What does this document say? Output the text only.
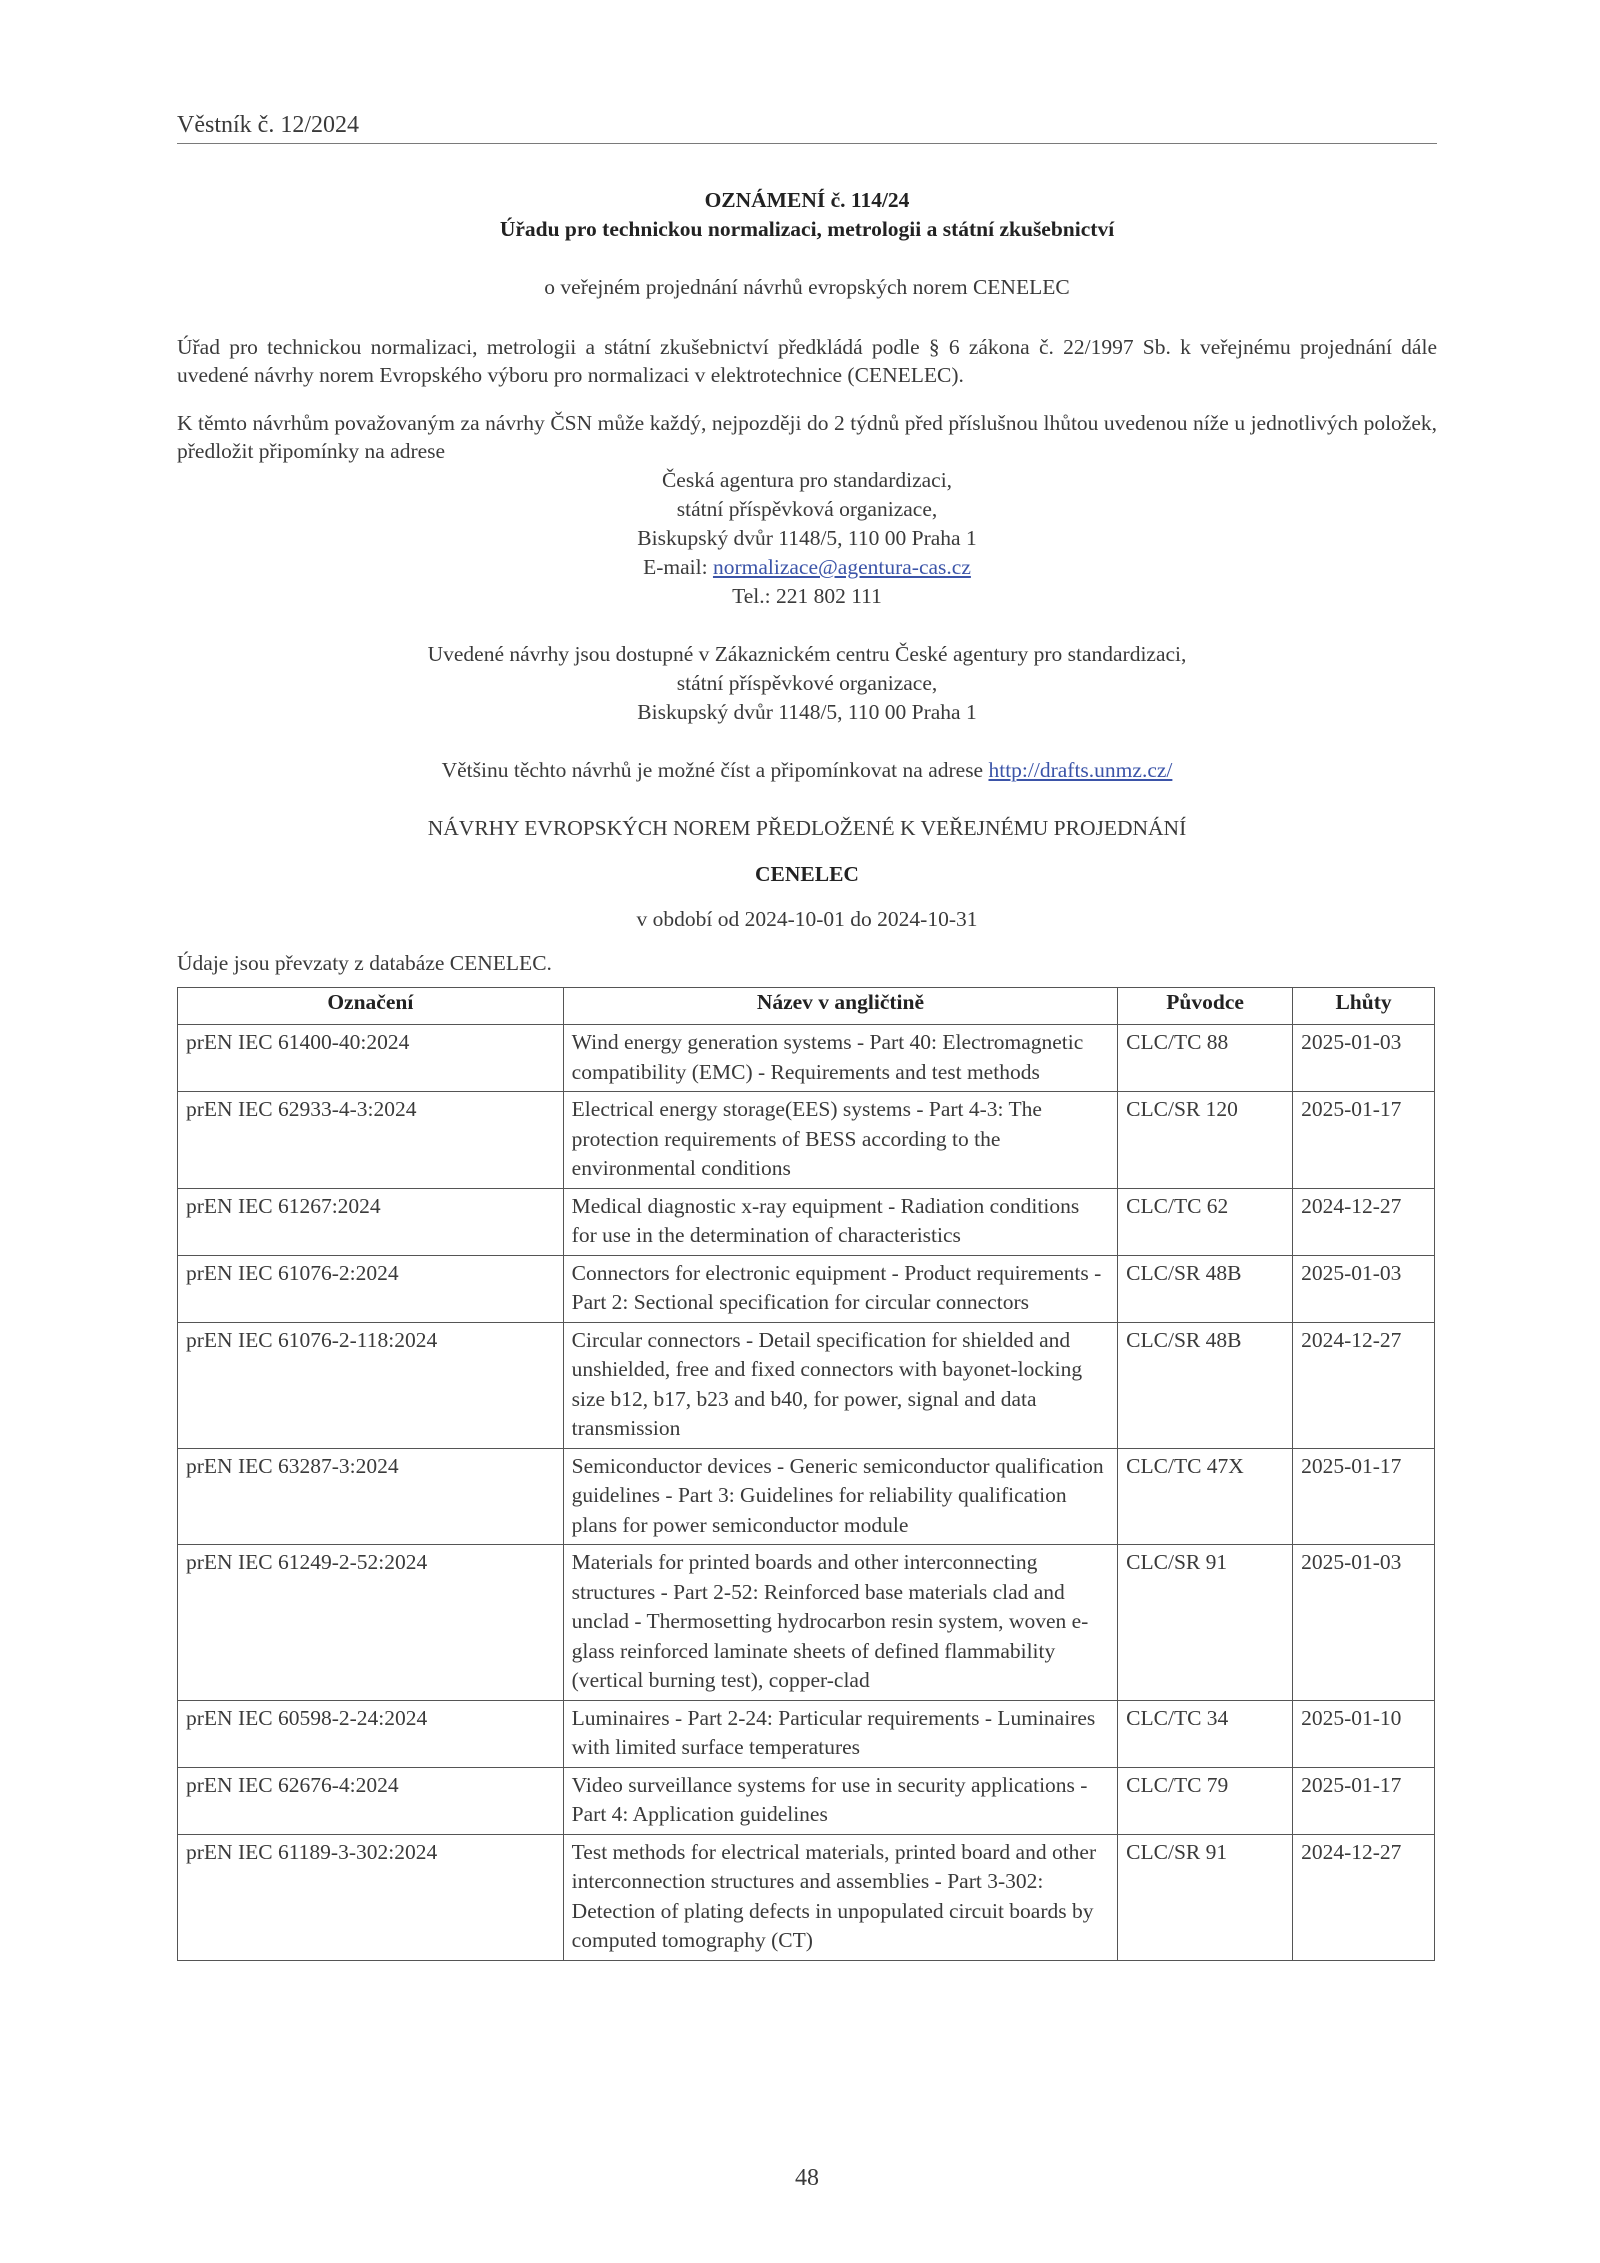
Věstník č. 12/2024
OZNÁMENÍ č. 114/24
Úřadu pro technickou normalizaci, metrologii a státní zkušebnictví
o veřejném projednání návrhů evropských norem CENELEC
Úřad pro technickou normalizaci, metrologii a státní zkušebnictví předkládá podle § 6 zákona č. 22/1997 Sb. k veřejnému projednání dále uvedené návrhy norem Evropského výboru pro normalizaci v elektrotechnice (CENELEC).
K těmto návrhům považovaným za návrhy ČSN může každý, nejpozději do 2 týdnů před příslušnou lhůtou uvedenou níže u jednotlivých položek, předložit připomínky na adrese
Česká agentura pro standardizaci,
státní příspěvková organizace,
Biskupský dvůr 1148/5, 110 00 Praha 1
E-mail: normalizace@agentura-cas.cz
Tel.: 221 802 111
Uvedené návrhy jsou dostupné v Zákaznickém centru České agentury pro standardizaci,
státní příspěvkové organizace,
Biskupský dvůr 1148/5, 110 00 Praha 1
Většinu těchto návrhů je možné číst a připomínkovat na adrese http://drafts.unmz.cz/
NÁVRHY EVROPSKÝCH NOREM PŘEDLOŽENÉ K VEŘEJNÉMU PROJEDNÁNÍ
CENELEC
v období od 2024-10-01 do 2024-10-31
Údaje jsou převzaty z databáze CENELEC.
Označení	Název v angličtině	Původce	Lhůty
prEN IEC 61400-40:2024	Wind energy generation systems - Part 40: Electromagnetic compatibility (EMC) - Requirements and test methods	CLC/TC 88	2025-01-03
prEN IEC 62933-4-3:2024	Electrical energy storage(EES) systems - Part 4-3: The protection requirements of BESS according to the environmental conditions	CLC/SR 120	2025-01-17
prEN IEC 61267:2024	Medical diagnostic x-ray equipment - Radiation conditions for use in the determination of characteristics	CLC/TC 62	2024-12-27
prEN IEC 61076-2:2024	Connectors for electronic equipment - Product requirements - Part 2: Sectional specification for circular connectors	CLC/SR 48B	2025-01-03
prEN IEC 61076-2-118:2024	Circular connectors - Detail specification for shielded and unshielded, free and fixed connectors with bayonet-locking size b12, b17, b23 and b40, for power, signal and data transmission	CLC/SR 48B	2024-12-27
prEN IEC 63287-3:2024	Semiconductor devices - Generic semiconductor qualification guidelines - Part 3: Guidelines for reliability qualification plans for power semiconductor module	CLC/TC 47X	2025-01-17
prEN IEC 61249-2-52:2024	Materials for printed boards and other interconnecting structures - Part 2-52: Reinforced base materials clad and unclad - Thermosetting hydrocarbon resin system, woven e-glass reinforced laminate sheets of defined flammability (vertical burning test), copper-clad	CLC/SR 91	2025-01-03
prEN IEC 60598-2-24:2024	Luminaires - Part 2-24: Particular requirements - Luminaires with limited surface temperatures	CLC/TC 34	2025-01-10
prEN IEC 62676-4:2024	Video surveillance systems for use in security applications - Part 4: Application guidelines	CLC/TC 79	2025-01-17
prEN IEC 61189-3-302:2024	Test methods for electrical materials, printed board and other interconnection structures and assemblies - Part 3-302: Detection of plating defects in unpopulated circuit boards by computed tomography (CT)	CLC/SR 91	2024-12-27
48
